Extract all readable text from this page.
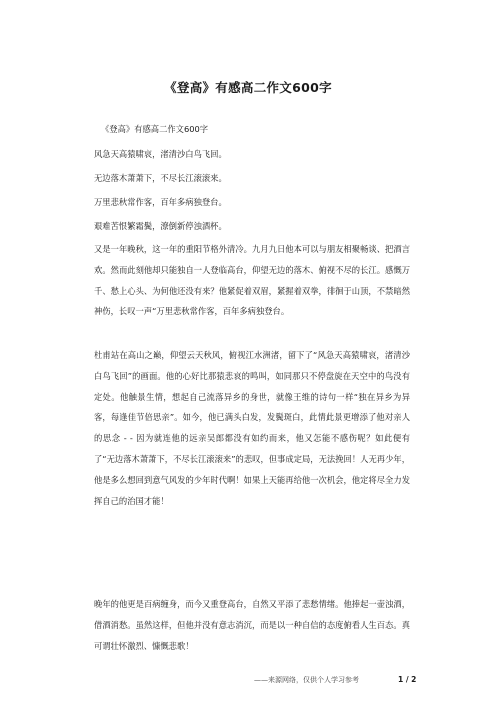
《登高》有感高二作文600字
《登高》有感高二作文600字
风急天高猿啸哀，渚清沙白鸟飞回。
无边落木萧萧下，不尽长江滚滚来。
万里悲秋常作客，百年多病独登台。
艰难苦恨繁霜鬓，潦倒新停浊酒杯。
又是一年晚秋，这一年的重阳节格外清冷。九月九日他本可以与朋友相聚畅谈、把酒言欢。然而此刻他却只能独自一人登临高台，仰望无边的落木、俯视不尽的长江。感慨万千、愁上心头、为何他还没有来？他紧促着双眉，紧握着双拳，徘徊于山顶，不禁暗然神伤，长叹一声“万里悲秋常作客，百年多病独登台。
杜甫站在高山之巅，仰望云天秋风，俯视江水洲渚，留下了“风急天高猿啸哀，渚清沙白鸟飞回”的画面。他的心好比那猿悲哀的鸣叫，如同那只不停盘旋在天空中的鸟没有定处。他触景生情，想起自己流落异乡的身世，就像王维的诗句一样“独在异乡为异客，每逢佳节倍思亲”。如今，他已满头白发，发鬓斑白，此情此景更增添了他对亲人的思念 - - 因为就连他的远亲吴郎都没有如约而来，他又怎能不感伤呢？如此便有了“无边落木萧萧下，不尽长江滚滚来”的悲叹，但事成定局，无法挽回！人无再少年，他是多么想回到意气风发的少年时代啊！如果上天能再给他一次机会，他定将尽全力发挥自己的治国才能！
晚年的他更是百病缠身，而今又重登高台，自然又平添了悲愁情绪。他捧起一壶浊酒，借酒消愁。虽然这样，但他并没有意志消沉，而是以一种自信的态度俯看人生百态。真可谓壮怀激烈、慷慨悲歌！
——来源网络，仅供个人学习参考	1 / 2
